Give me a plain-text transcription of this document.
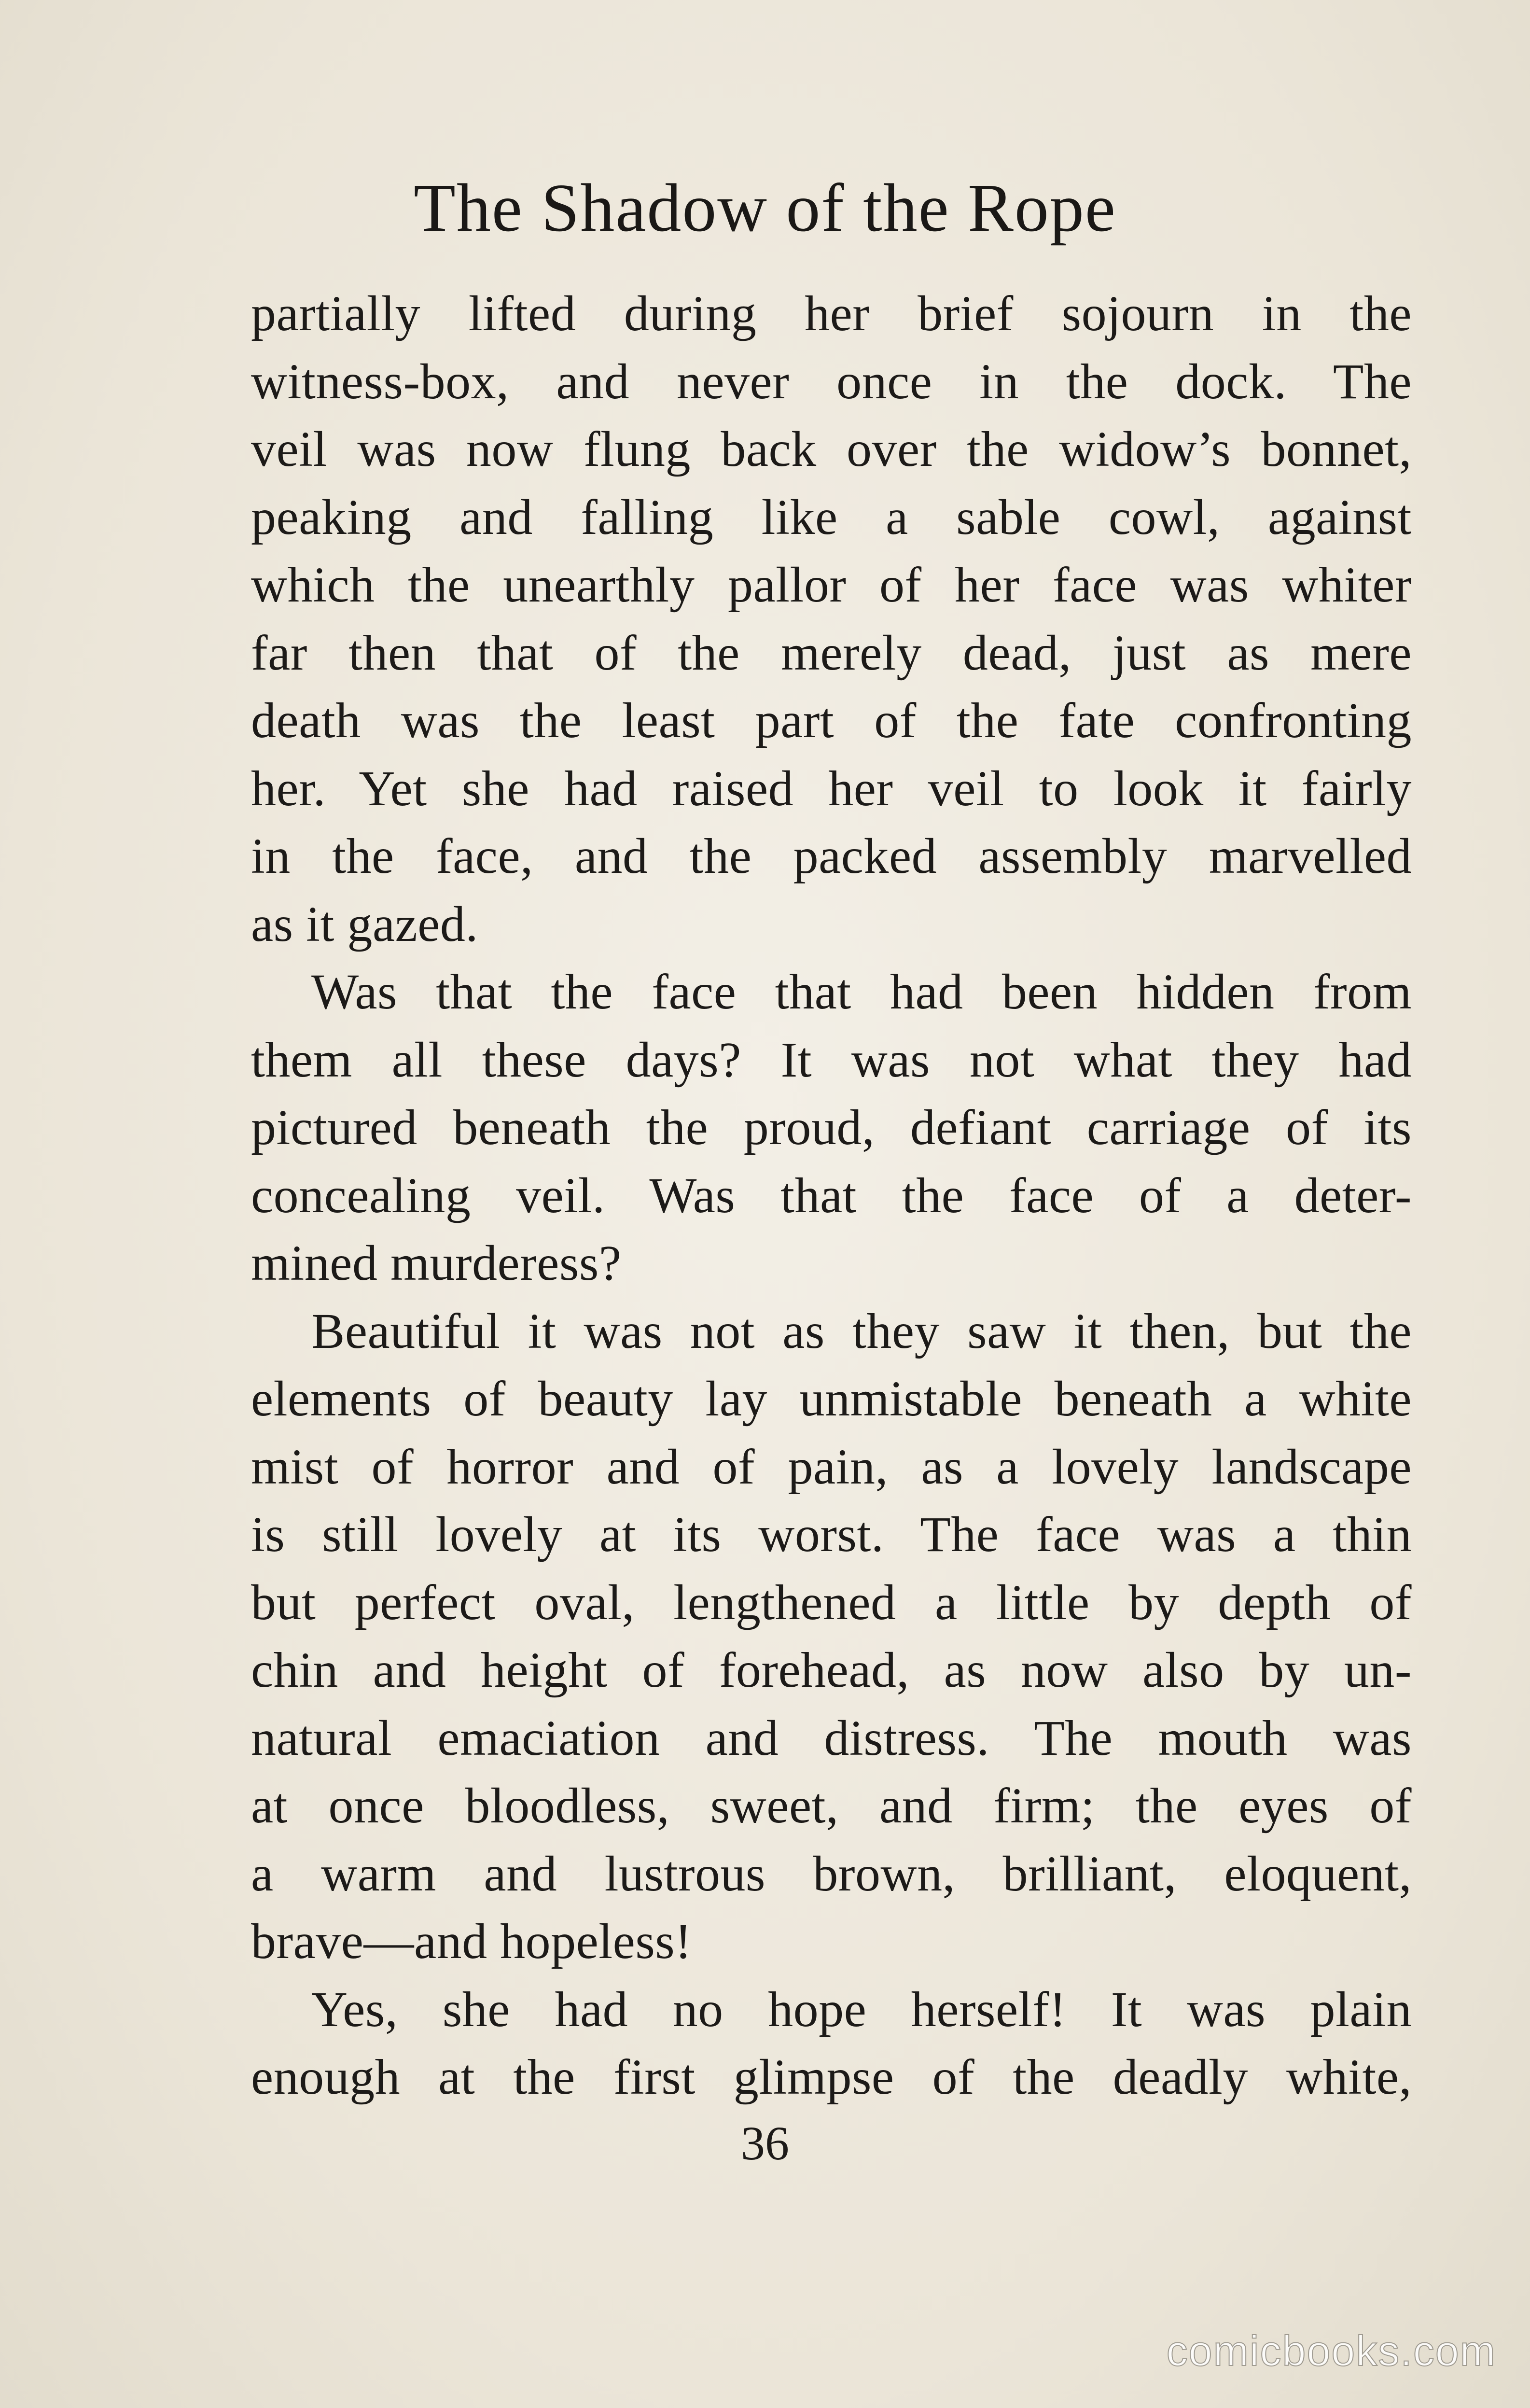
The Shadow of the Rope
partially lifted during her brief sojourn in the
witness-box, and never once in the dock. The
veil was now flung back over the widow’s bonnet,
peaking and falling like a sable cowl, against
which the unearthly pallor of her face was whiter
far then that of the merely dead, just as mere
death was the least part of the fate confronting
her. Yet she had raised her veil to look it fairly
in the face, and the packed assembly marvelled
as it gazed.
Was that the face that had been hidden from
them all these days? It was not what they had
pictured beneath the proud, defiant carriage of its
concealing veil. Was that the face of a deter-
mined murderess?
Beautiful it was not as they saw it then, but the
elements of beauty lay unmistable beneath a white
mist of horror and of pain, as a lovely landscape
is still lovely at its worst. The face was a thin
but perfect oval, lengthened a little by depth of
chin and height of forehead, as now also by un-
natural emaciation and distress. The mouth was
at once bloodless, sweet, and firm; the eyes of
a warm and lustrous brown, brilliant, eloquent,
brave—and hopeless!
Yes, she had no hope herself! It was plain
enough at the first glimpse of the deadly white,
36
comicbooks.com
